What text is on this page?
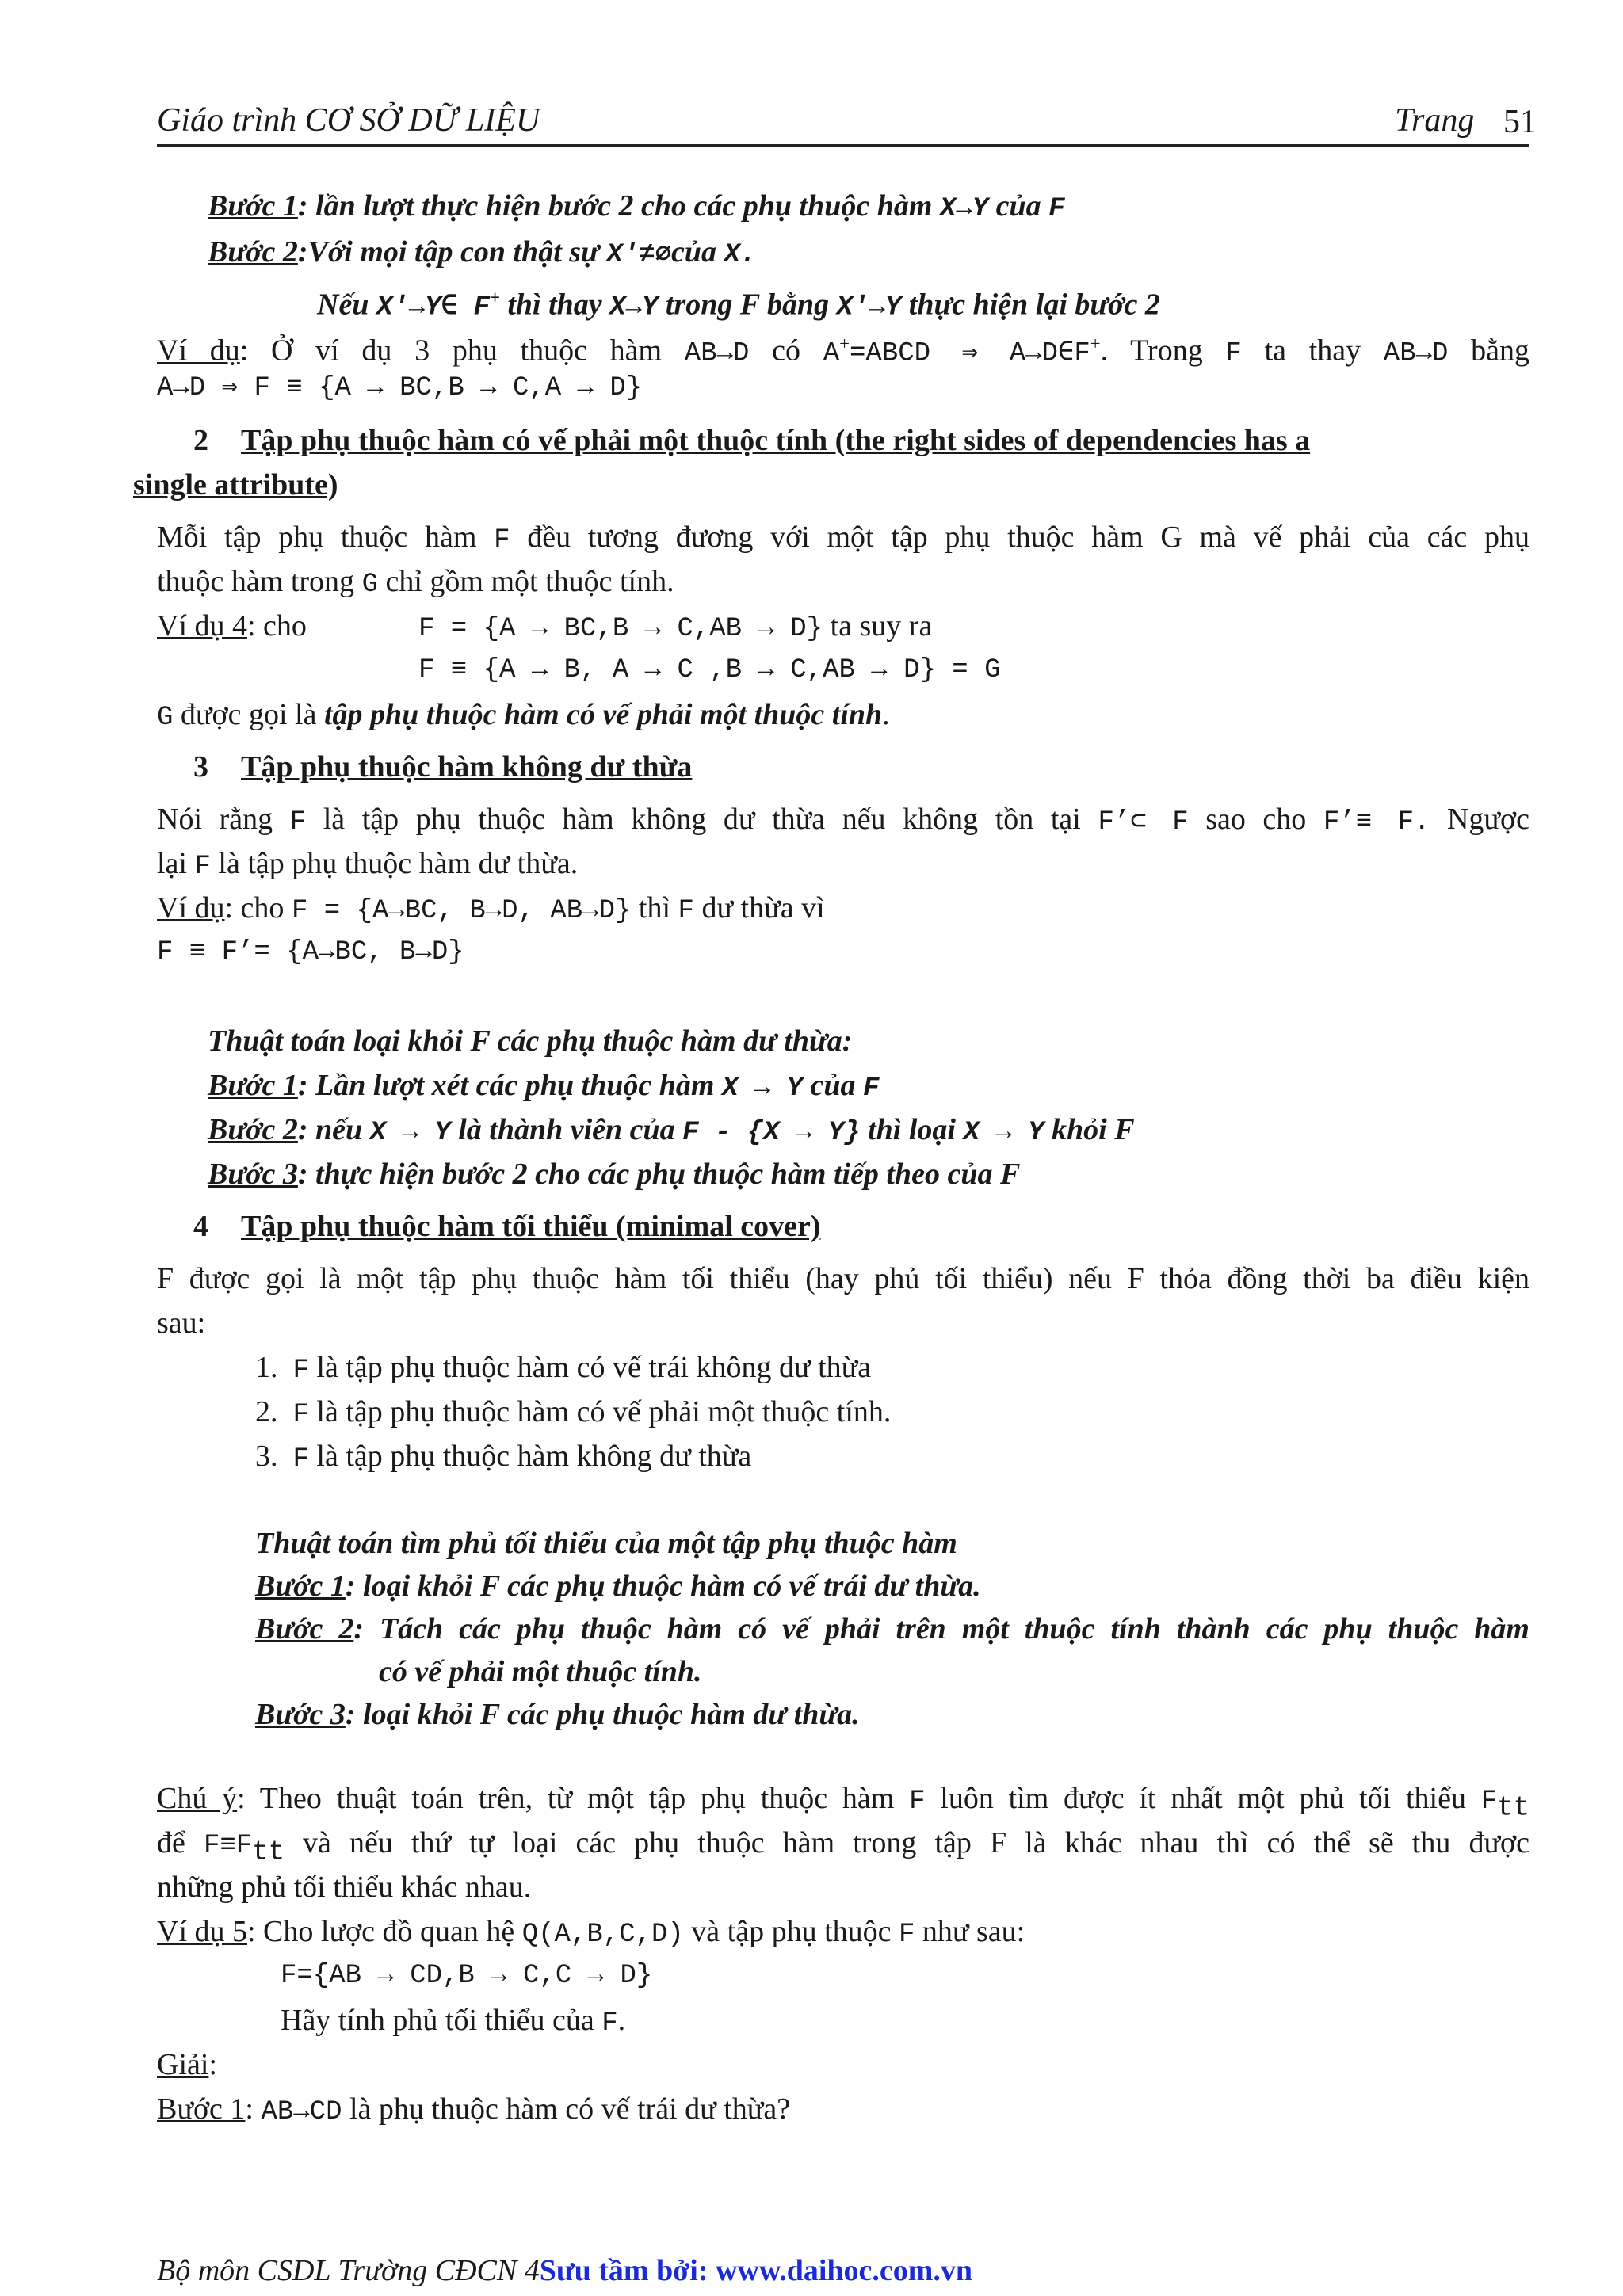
Giáo trình CƠ SỞ DỮ LIỆU	Trang 51
Bước 1: lần lượt thực hiện bước 2 cho các phụ thuộc hàm X→Y của F
Bước 2:Với mọi tập con thật sự X'≠∅của X.
Nếu X'→Y∈ F+ thì thay X→Y trong F bằng X'→Y thực hiện lại bước 2
Ví dụ: Ở ví dụ 3 phụ thuộc hàm AB→D có A+=ABCD ⇒ A→D∈F+. Trong F ta thay AB→D bằng
A→D ⇒ F ≡ {A → BC,B → C,A → D}
2 Tập phụ thuộc hàm có vế phải một thuộc tính (the right sides of dependencies has a
single attribute)
Mỗi tập phụ thuộc hàm F đều tương đương với một tập phụ thuộc hàm G mà vế phải của các phụ
thuộc hàm trong G chỉ gồm một thuộc tính.
Ví dụ 4: cho	F = {A → BC,B → C,AB → D} ta suy ra
F ≡ {A → B, A → C ,B → C,AB → D} = G
G được gọi là tập phụ thuộc hàm có vế phải một thuộc tính.
3 Tập phụ thuộc hàm không dư thừa
Nói rằng F là tập phụ thuộc hàm không dư thừa nếu không tồn tại F’⊂ F sao cho F’≡ F. Ngược
lại F là tập phụ thuộc hàm dư thừa.
Ví dụ: cho F = {A→BC, B→D, AB→D} thì F dư thừa vì
F ≡ F’= {A→BC, B→D}
Thuật toán loại khỏi F các phụ thuộc hàm dư thừa:
Bước 1: Lần lượt xét các phụ thuộc hàm X → Y của F
Bước 2: nếu X → Y là thành viên của F - {X → Y} thì loại X → Y khỏi F
Bước 3: thực hiện bước 2 cho các phụ thuộc hàm tiếp theo của F
4 Tập phụ thuộc hàm tối thiểu (minimal cover)
F được gọi là một tập phụ thuộc hàm tối thiểu (hay phủ tối thiểu) nếu F thỏa đồng thời ba điều kiện
sau:
1. F là tập phụ thuộc hàm có vế trái không dư thừa
2. F là tập phụ thuộc hàm có vế phải một thuộc tính.
3. F là tập phụ thuộc hàm không dư thừa
Thuật toán tìm phủ tối thiểu của một tập phụ thuộc hàm
Bước 1: loại khỏi F các phụ thuộc hàm có vế trái dư thừa.
Bước 2: Tách các phụ thuộc hàm có vế phải trên một thuộc tính thành các phụ thuộc hàm
có vế phải một thuộc tính.
Bước 3: loại khỏi F các phụ thuộc hàm dư thừa.
Chú ý: Theo thuật toán trên, từ một tập phụ thuộc hàm F luôn tìm được ít nhất một phủ tối thiểu $F_{tt}$
để $F\equiv F_{tt}$ và nếu thứ tự loại các phụ thuộc hàm trong tập F là khác nhau thì có thể sẽ thu được
những phủ tối thiểu khác nhau.
Ví dụ 5: Cho lược đồ quan hệ Q(A,B,C,D) và tập phụ thuộc F như sau:
F={AB → CD,B → C,C → D}
Hãy tính phủ tối thiểu của F.
Giải:
Bước 1: AB→CD là phụ thuộc hàm có vế trái dư thừa?
Bộ môn CSDL Trường CĐCN 4Sưu tầm bởi: www.daihoc.com.vn
